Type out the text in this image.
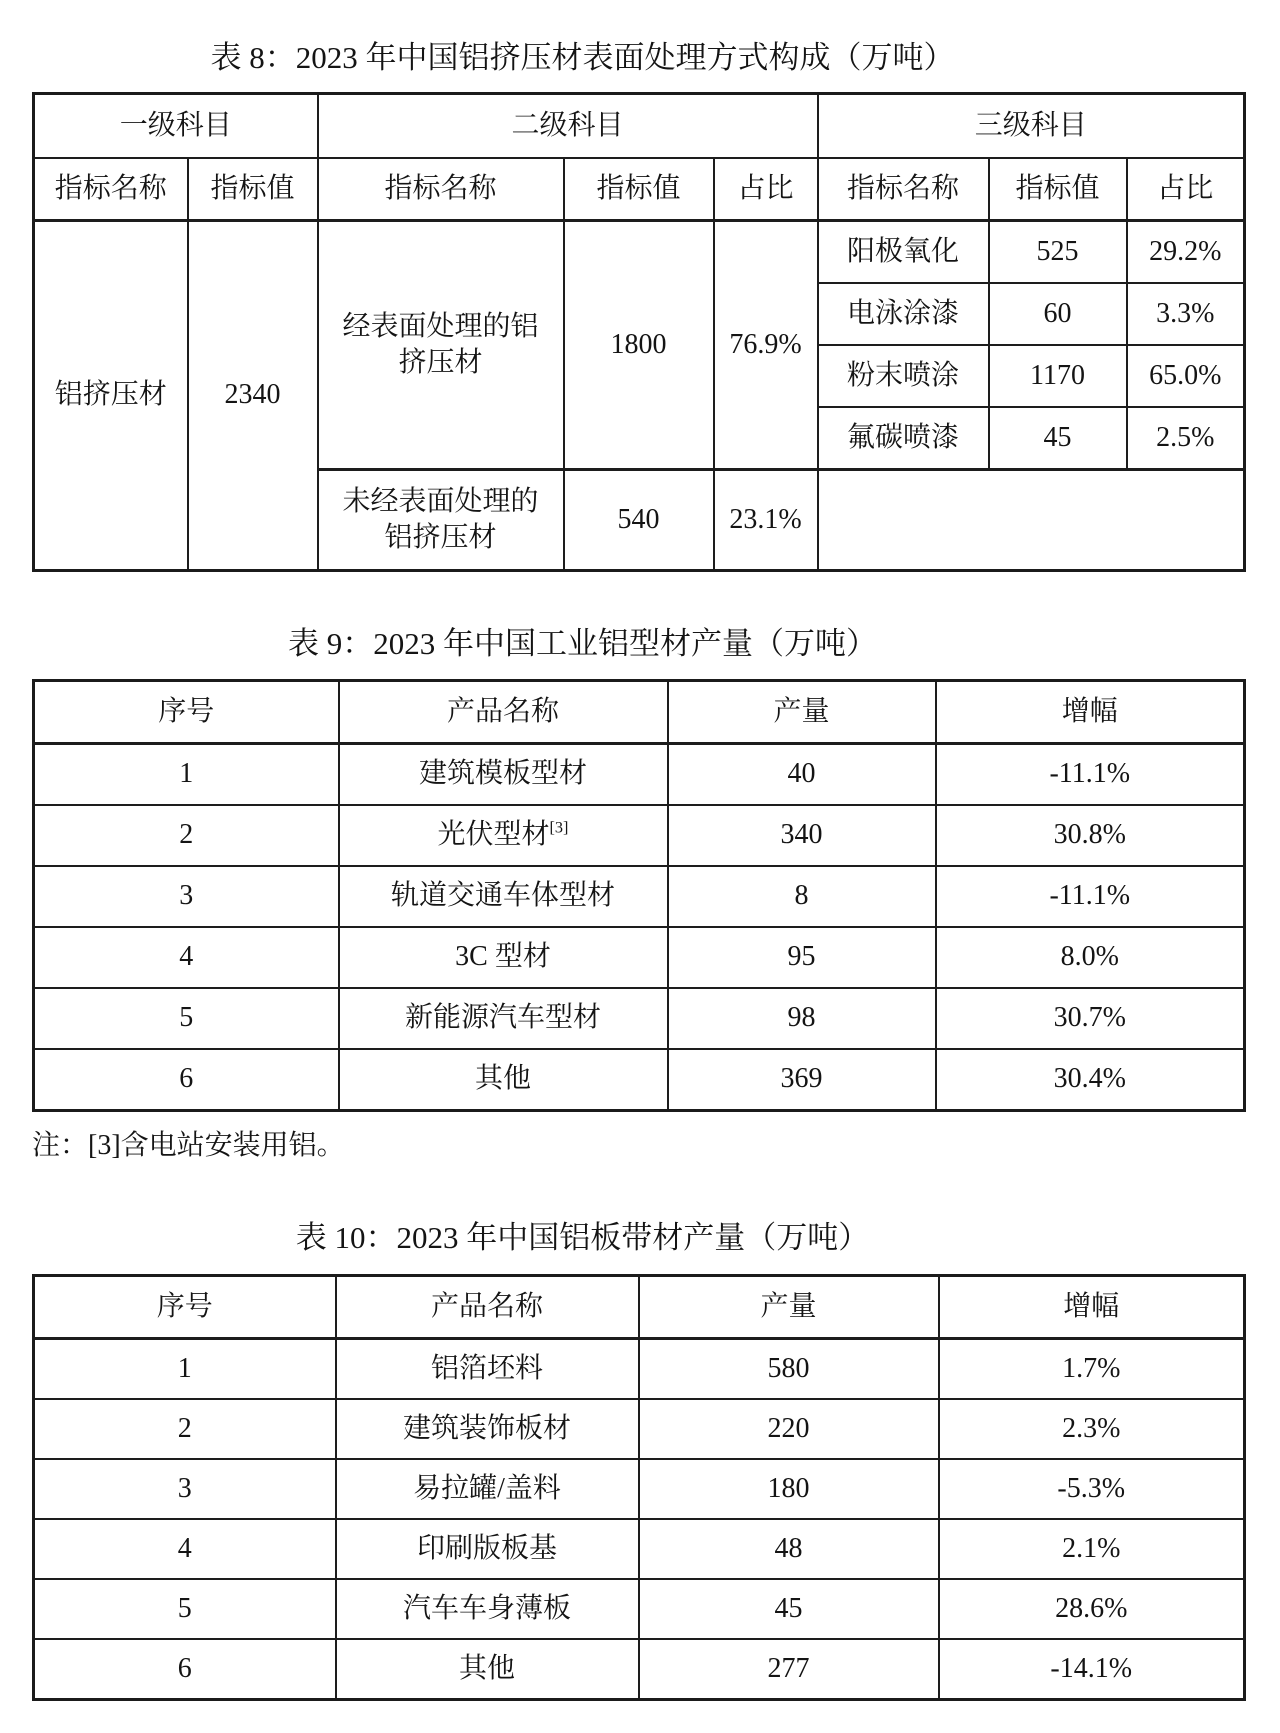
表 8：2023 年中国铝挤压材表面处理方式构成（万吨）
一级科目		二级科目			三级科目		
指标名称	指标值	指标名称	指标值	占比	指标名称	指标值	占比
铝挤压材	2340	经表面处理的铝挤压材	1800	76.9%	阳极氧化	525	29.2%
					电泳涂漆	60	3.3%
					粉末喷涂	1170	65.0%
					氟碳喷漆	45	2.5%
		未经表面处理的铝挤压材	540	23.1%			
表 9：2023 年中国工业铝型材产量（万吨）
序号	产品名称	产量	增幅
1	建筑模板型材	40	-11.1%
2	光伏型材[3]	340	30.8%
3	轨道交通车体型材	8	-11.1%
4	3C 型材	95	8.0%
5	新能源汽车型材	98	30.7%
6	其他	369	30.4%
注：[3]含电站安装用铝。
表 10：2023 年中国铝板带材产量（万吨）
序号	产品名称	产量	增幅
1	铝箔坯料	580	1.7%
2	建筑装饰板材	220	2.3%
3	易拉罐/盖料	180	-5.3%
4	印刷版板基	48	2.1%
5	汽车车身薄板	45	28.6%
6	其他	277	-14.1%
